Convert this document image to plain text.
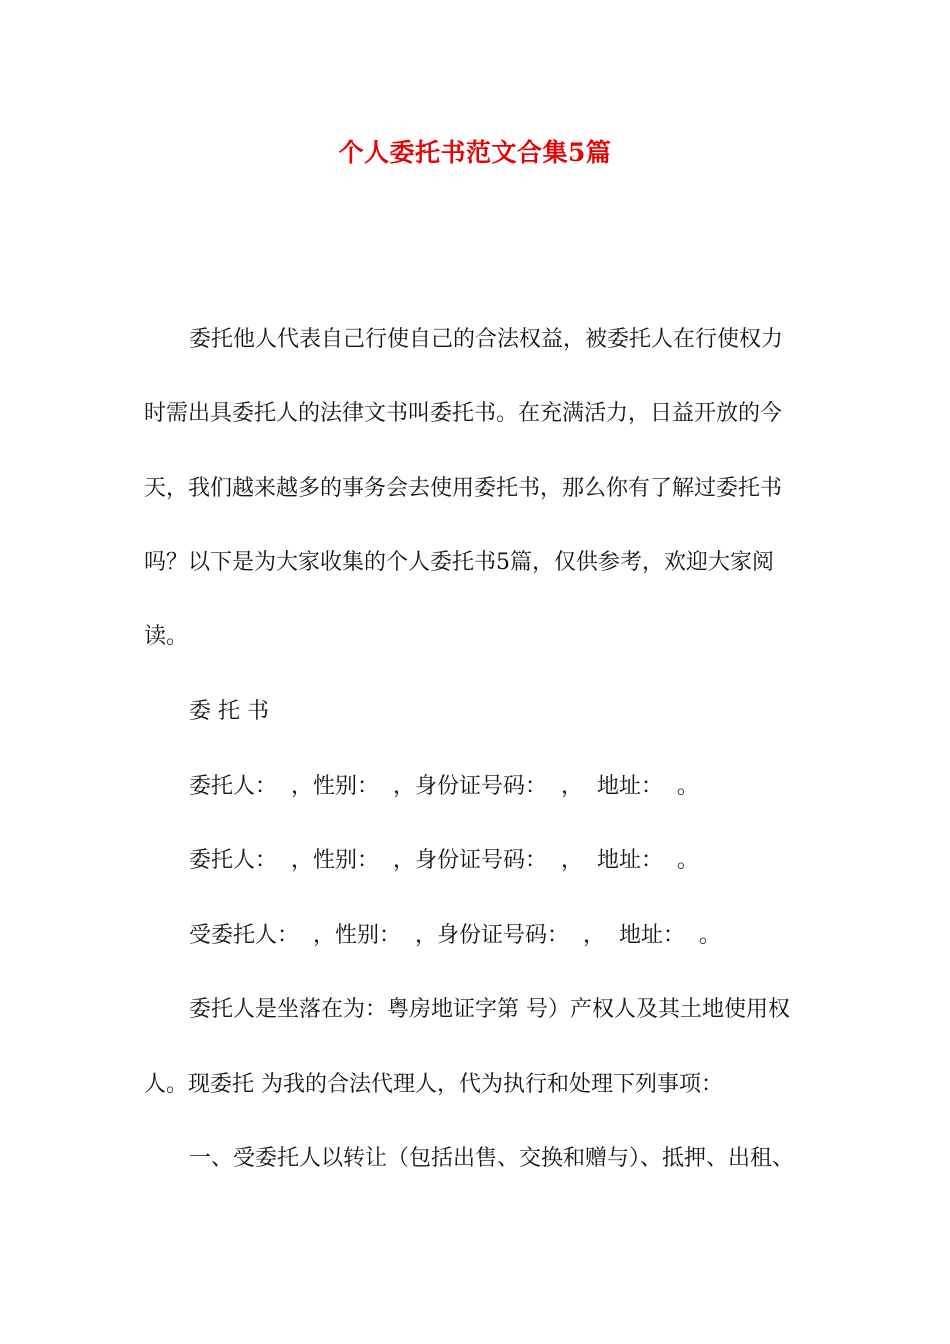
个人委托书范文合集5篇
委托他人代表自己行使自己的合法权益，被委托人在行使权力
时需出具委托人的法律文书叫委托书。在充满活力，日益开放的今
天，我们越来越多的事务会去使用委托书，那么你有了解过委托书
吗？以下是为大家收集的个人委托书5篇，仅供参考，欢迎大家阅
读。
委 托 书
委托人：  ，性别：  ，身份证号码：  ，  地址：  。
委托人：  ，性别：  ，身份证号码：  ，  地址：  。
受委托人：  ，性别：  ，身份证号码：  ，  地址：  。
委托人是坐落在为：粤房地证字第 号）产权人及其土地使用权
人。现委托 为我的合法代理人，代为执行和处理下列事项：
一、受委托人以转让（包括出售、交换和赠与）、抵押、出租、
